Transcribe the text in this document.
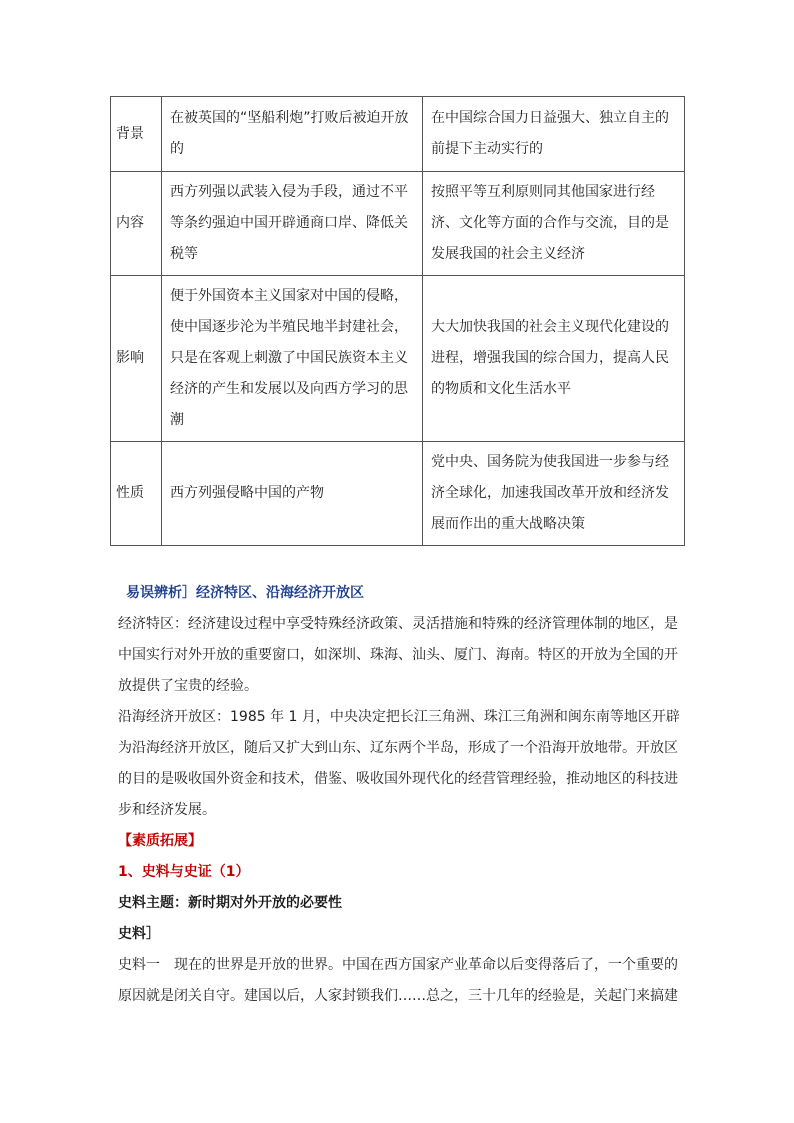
背景	在被英国的“坚船利炮”打败后被迫开放的	在中国综合国力日益强大、独立自主的前提下主动实行的
内容	西方列强以武装入侵为手段，通过不平等条约强迫中国开辟通商口岸、降低关税等	按照平等互利原则同其他国家进行经济、文化等方面的合作与交流，目的是发展我国的社会主义经济
影响	便于外国资本主义国家对中国的侵略，使中国逐步沦为半殖民地半封建社会，只是在客观上刺激了中国民族资本主义经济的产生和发展以及向西方学习的思潮	大大加快我国的社会主义现代化建设的进程，增强我国的综合国力，提高人民的物质和文化生活水平
性质	西方列强侵略中国的产物	党中央、国务院为使我国进一步参与经济全球化，加速我国改革开放和经济发展而作出的重大战略决策

易误辨析］经济特区、沿海经济开放区

经济特区：经济建设过程中享受特殊经济政策、灵活措施和特殊的经济管理体制的地区，是中国实行对外开放的重要窗口，如深圳、珠海、汕头、厦门、海南。特区的开放为全国的开放提供了宝贵的经验。

沿海经济开放区：1985 年 1 月，中央决定把长江三角洲、珠江三角洲和闽东南等地区开辟为沿海经济开放区，随后又扩大到山东、辽东两个半岛，形成了一个沿海开放地带。开放区的目的是吸收国外资金和技术，借鉴、吸收国外现代化的经营管理经验，推动地区的科技进步和经济发展。

【素质拓展】

1、史料与史证（1）

史料主题：新时期对外开放的必要性

史料］

史料一　现在的世界是开放的世界。中国在西方国家产业革命以后变得落后了，一个重要的原因就是闭关自守。建国以后，人家封锁我们……总之，三十几年的经验是，关起门来搞建
